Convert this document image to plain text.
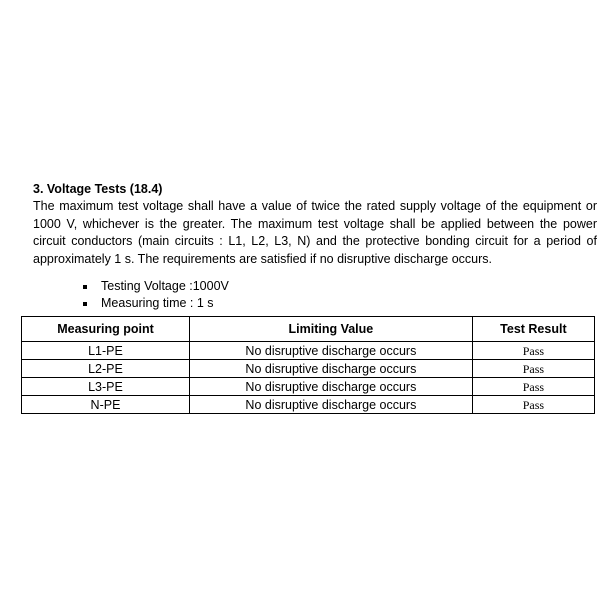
3. Voltage Tests (18.4)

The maximum test voltage shall have a value of twice the rated supply voltage of the equipment or 1000 V, whichever is the greater. The maximum test voltage shall be applied between the power circuit conductors (main circuits : L1, L2, L3, N) and the protective bonding circuit for a period of approximately 1 s. The requirements are satisfied if no disruptive discharge occurs.

Testing Voltage :1000V
Measuring time : 1 s
Measuring point	Limiting Value	Test Result
L1-PE	No disruptive discharge occurs	Pass
L2-PE	No disruptive discharge occurs	Pass
L3-PE	No disruptive discharge occurs	Pass
N-PE	No disruptive discharge occurs	Pass
